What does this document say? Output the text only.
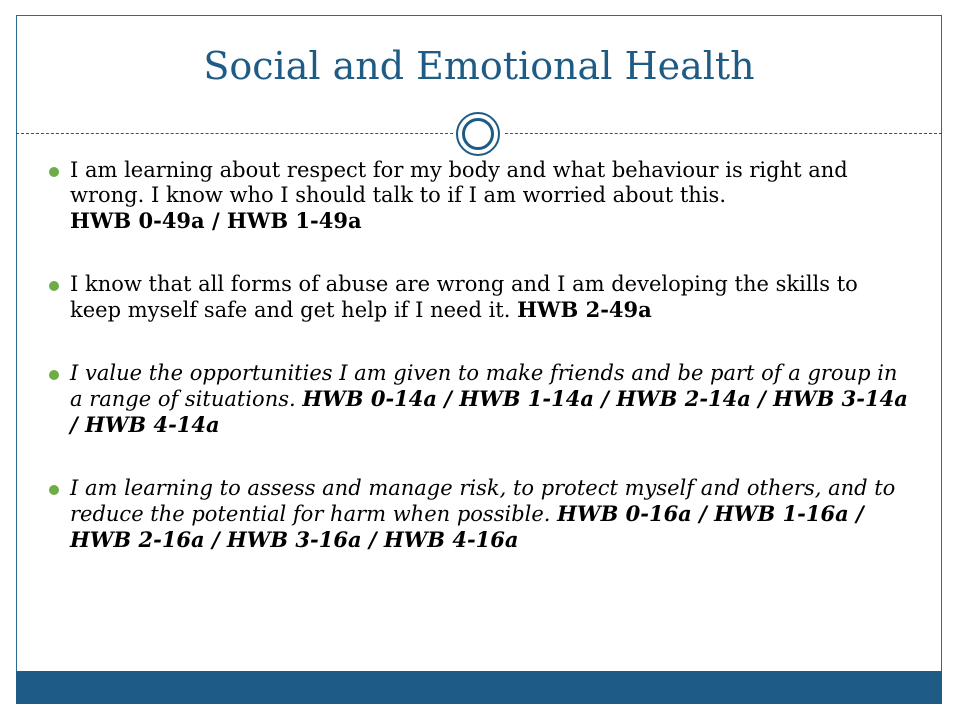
Social and Emotional Health
I am learning about respect for my body and what behaviour is right and wrong. I know who I should talk to if I am worried about this.
HWB 0-49a / HWB 1-49a
I know that all forms of abuse are wrong and I am developing the skills to keep myself safe and get help if I need it. HWB 2-49a
I value the opportunities I am given to make friends and be part of a group in a range of situations. HWB 0-14a / HWB 1-14a / HWB 2-14a / HWB 3-14a / HWB 4-14a
I am learning to assess and manage risk, to protect myself and others, and to reduce the potential for harm when possible. HWB 0-16a / HWB 1-16a / HWB 2-16a / HWB 3-16a / HWB 4-16a
